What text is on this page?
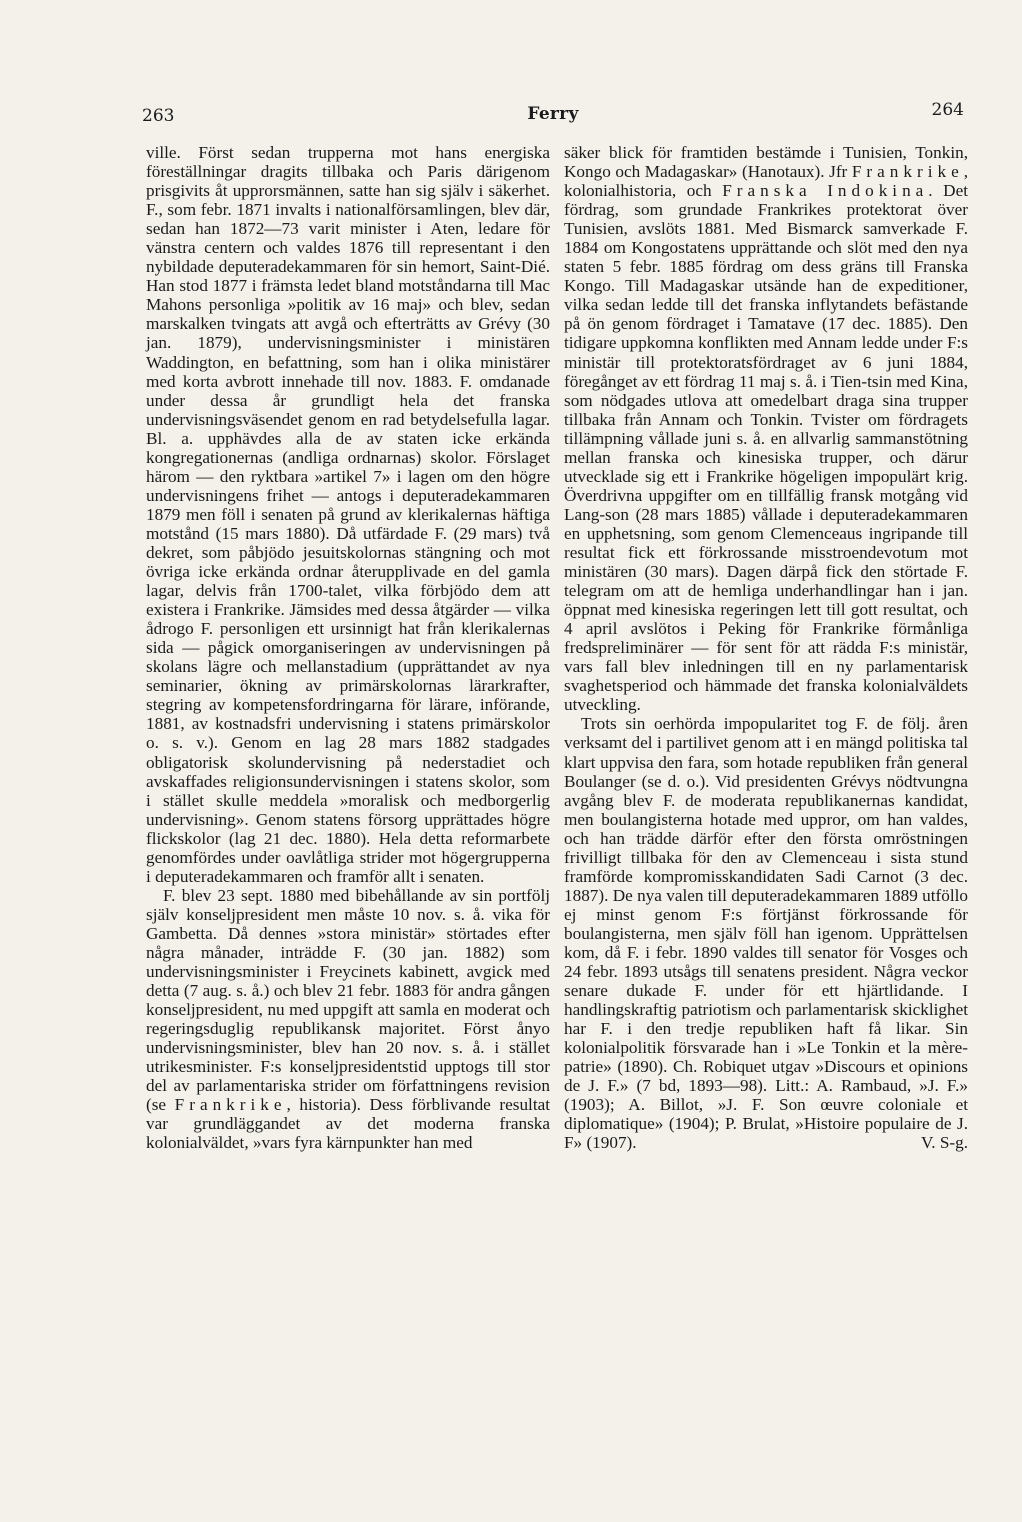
263	Ferry	264

ville. Först sedan trupperna mot hans energiska föreställningar dragits tillbaka och Paris därigenom prisgivits åt upprorsmännen, satte han sig själv i säkerhet. F., som febr. 1871 invalts i nationalförsamlingen, blev där, sedan han 1872—73 varit minister i Aten, ledare för vänstra centern och valdes 1876 till representant i den nybildade deputeradekammaren för sin hemort, Saint-Dié. Han stod 1877 i främsta ledet bland motståndarna till Mac Mahons personliga »politik av 16 maj» och blev, sedan marskalken tvingats att avgå och efterträtts av Grévy (30 jan. 1879), undervisningsminister i ministären Waddington, en befattning, som han i olika ministärer med korta avbrott innehade till nov. 1883. F. omdanade under dessa år grundligt hela det franska undervisningsväsendet genom en rad betydelsefulla lagar. Bl. a. upphävdes alla de av staten icke erkända kongregationernas (andliga ordnarnas) skolor. Förslaget härom — den ryktbara »artikel 7» i lagen om den högre undervisningens frihet — antogs i deputeradekammaren 1879 men föll i senaten på grund av klerikalernas häftiga motstånd (15 mars 1880). Då utfärdade F. (29 mars) två dekret, som påbjödo jesuitskolornas stängning och mot övriga icke erkända ordnar återupplivade en del gamla lagar, delvis från 1700-talet, vilka förbjödo dem att existera i Frankrike. Jämsides med dessa åtgärder — vilka ådrogo F. personligen ett ursinnigt hat från klerikalernas sida — pågick omorganiseringen av undervisningen på skolans lägre och mellanstadium (upprättandet av nya seminarier, ökning av primärskolornas lärarkrafter, stegring av kompetensfordringarna för lärare, införande, 1881, av kostnadsfri undervisning i statens primärskolor o. s. v.). Genom en lag 28 mars 1882 stadgades obligatorisk skolundervisning på nederstadiet och avskaffades religionsundervisningen i statens skolor, som i stället skulle meddela »moralisk och medborgerlig undervisning». Genom statens försorg upprättades högre flickskolor (lag 21 dec. 1880). Hela detta reformarbete genomfördes under oavlåtliga strider mot högergrupperna i deputeradekammaren och framför allt i senaten.

F. blev 23 sept. 1880 med bibehållande av sin portfölj själv konseljpresident men måste 10 nov. s. å. vika för Gambetta. Då dennes »stora ministär» störtades efter några månader, inträdde F. (30 jan. 1882) som undervisningsminister i Freycinets kabinett, avgick med detta (7 aug. s. å.) och blev 21 febr. 1883 för andra gången konseljpresident, nu med uppgift att samla en moderat och regeringsduglig republikansk majoritet. Först ånyo undervisningsminister, blev han 20 nov. s. å. i stället utrikesminister. F:s konseljpresidentstid upptogs till stor del av parlamentariska strider om författningens revision (se Frankrike, historia). Dess förblivande resultat var grundläggandet av det moderna franska kolonialväldet, »vars fyra kärnpunkter han med

säker blick för framtiden bestämde i Tunisien, Tonkin, Kongo och Madagaskar» (Hanotaux). Jfr Frankrike, kolonialhistoria, och Franska Indokina. Det fördrag, som grundade Frankrikes protektorat över Tunisien, avslöts 1881. Med Bismarck samverkade F. 1884 om Kongostatens upprättande och slöt med den nya staten 5 febr. 1885 fördrag om dess gräns till Franska Kongo. Till Madagaskar utsände han de expeditioner, vilka sedan ledde till det franska inflytandets befästande på ön genom fördraget i Tamatave (17 dec. 1885). Den tidigare uppkomna konflikten med Annam ledde under F:s ministär till protektoratsfördraget av 6 juni 1884, föregånget av ett fördrag 11 maj s. å. i Tien-tsin med Kina, som nödgades utlova att omedelbart draga sina trupper tillbaka från Annam och Tonkin. Tvister om fördragets tillämpning vållade juni s. å. en allvarlig sammanstötning mellan franska och kinesiska trupper, och därur utvecklade sig ett i Frankrike högeligen impopulärt krig. Överdrivna uppgifter om en tillfällig fransk motgång vid Lang-son (28 mars 1885) vållade i deputeradekammaren en upphetsning, som genom Clemenceaus ingripande till resultat fick ett förkrossande misstroendevotum mot ministären (30 mars). Dagen därpå fick den störtade F. telegram om att de hemliga underhandlingar han i jan. öppnat med kinesiska regeringen lett till gott resultat, och 4 april avslötos i Peking för Frankrike förmånliga fredspreliminärer — för sent för att rädda F:s ministär, vars fall blev inledningen till en ny parlamentarisk svaghetsperiod och hämmade det franska kolonialväldets utveckling.

Trots sin oerhörda impopularitet tog F. de följ. åren verksamt del i partilivet genom att i en mängd politiska tal klart uppvisa den fara, som hotade republiken från general Boulanger (se d. o.). Vid presidenten Grévys nödtvungna avgång blev F. de moderata republikanernas kandidat, men boulangisterna hotade med uppror, om han valdes, och han trädde därför efter den första omröstningen frivilligt tillbaka för den av Clemenceau i sista stund framförde kompromisskandidaten Sadi Carnot (3 dec. 1887). De nya valen till deputeradekammaren 1889 utföllo ej minst genom F:s förtjänst förkrossande för boulangisterna, men själv föll han igenom. Upprättelsen kom, då F. i febr. 1890 valdes till senator för Vosges och 24 febr. 1893 utsågs till senatens president. Några veckor senare dukade F. under för ett hjärtlidande. I handlingskraftig patriotism och parlamentarisk skicklighet har F. i den tredje republiken haft få likar. Sin kolonialpolitik försvarade han i »Le Tonkin et la mère-patrie» (1890). Ch. Robiquet utgav »Discours et opinions de J. F.» (7 bd, 1893—98). Litt.: A. Rambaud, »J. F.» (1903); A. Billot, »J. F. Son œuvre coloniale et diplomatique» (1904); P. Brulat, »Histoire populaire de J. F» (1907).	V. S-g.
